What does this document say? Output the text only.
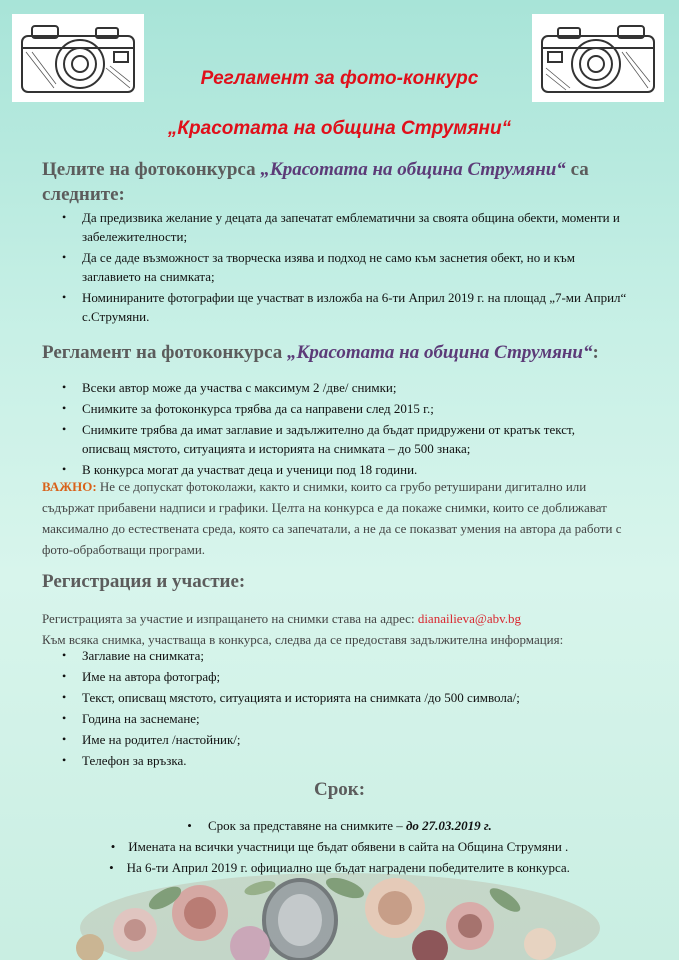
Регламент за фото-конкурс
„Красотата на община Струмяни“
Целите на фотоконкурса „Красотата на община Струмяни“ са
следните:
• Да предизвика желание у децата да запечатат емблематични за своята община обекти, моменти и
забележителности;
• Да се даде възможност за творческа изява и подход не само към заснетия обект, но и към
заглавието на снимката;
• Номинираните фотографии ще участват в изложба на 6-ти Април 2019 г. на площад „7-ми Април“
с.Струмяни.
Регламент на фотоконкурса „Красотата на община Струмяни“:
• Всеки автор може да участва с максимум 2 /две/ снимки;
• Снимките за фотоконкурса трябва да са направени след 2015 г.;
• Снимките трябва да имат заглавие и задължително да бъдат придружени от кратък текст,
описващ мястото, ситуацията и историята на снимката – до 500 знака;
• В конкурса могат да участват деца и ученици под 18 години.
ВАЖНО: Не се допускат фотоколажи, както и снимки, които са грубо ретуширани дигитално или
съдържат прибавени надписи и графики. Целта на конкурса е да покаже снимки, които се доближават
максимално до естествената среда, която са запечатали, а не да се показват умения на автора да работи с
фото-обработващи програми.
Регистрация и участие:
Регистрацията за участие и изпращането на снимки става на адрес: dianailieva@abv.bg
Към всяка снимка, участваща в конкурса, следва да се предоставя задължителна информация:
• Заглавие на снимката;
• Име на автора фотограф;
• Текст, описващ мястото, ситуацията и историята на снимката /до 500 символа/;
• Година на заснемане;
• Име на родител /настойник/;
• Телефон за връзка.
Срок:
•     Срок за представяне на снимките – до 27.03.2019 г.
•    Имената на всички участници ще бъдат обявени в сайта на Община Струмяни .
•    На 6-ти Април 2019 г. официално ще бъдат наградени победителите в конкурса.
